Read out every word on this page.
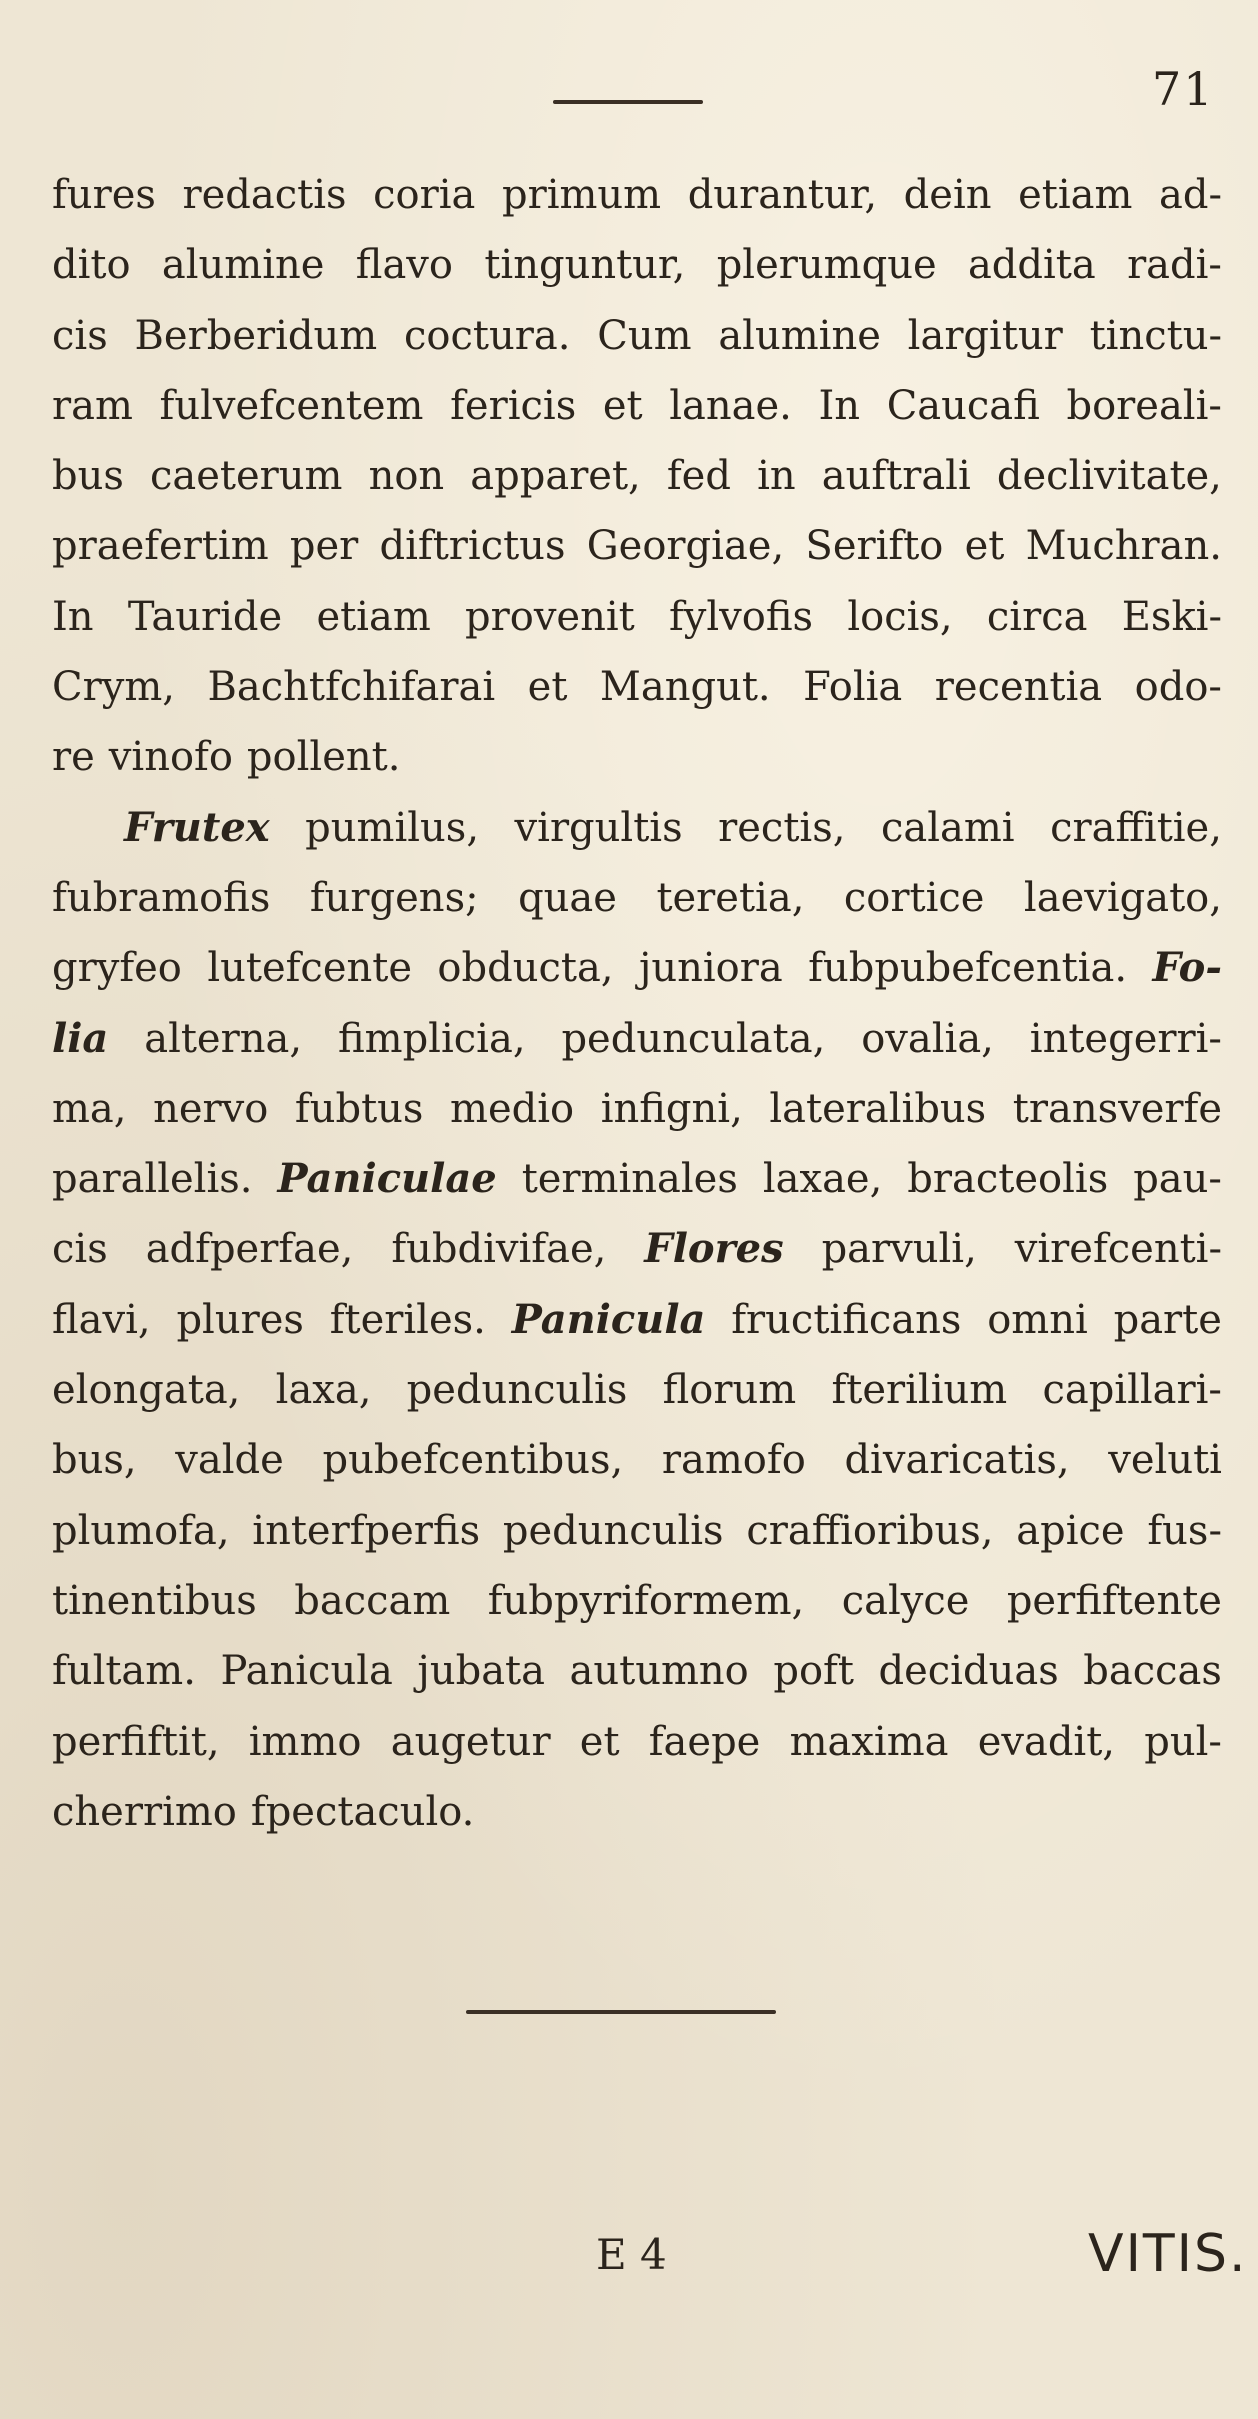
71
fures redactis coria primum durantur, dein etiam ad-
dito alumine flavo tinguntur, plerumque addita radi-
cis Berberidum coctura. Cum alumine largitur tinctu-
ram fulvefcentem fericis et lanae. In Caucafi boreali-
bus caeterum non apparet, fed in auftrali declivitate,
praefertim per diftrictus Georgiae, Serifto et Muchran.
In Tauride etiam provenit fylvofis locis, circa Eski-
Crym, Bachtfchifarai et Mangut. Folia recentia odo-
re vinofo pollent.
Frutex pumilus, virgultis rectis, calami craffitie,
fubramofis furgens; quae teretia, cortice laevigato,
gryfeo lutefcente obducta, juniora fubpubefcentia. Fo-
lia alterna, fimplicia, pedunculata, ovalia, integerri-
ma, nervo fubtus medio infigni, lateralibus transverfe
parallelis. Paniculae terminales laxae, bracteolis pau-
cis adfperfae, fubdivifae, Flores parvuli, virefcenti-
flavi, plures fteriles. Panicula fructificans omni parte
elongata, laxa, pedunculis florum fterilium capillari-
bus, valde pubefcentibus, ramofo divaricatis, veluti
plumofa, interfperfis pedunculis craffioribus, apice fus-
tinentibus baccam fubpyriformem, calyce perfiftente
fultam. Panicula jubata autumno poft deciduas baccas
perfiftit, immo augetur et faepe maxima evadit, pul-
cherrimo fpectaculo.
E 4	VITIS.
